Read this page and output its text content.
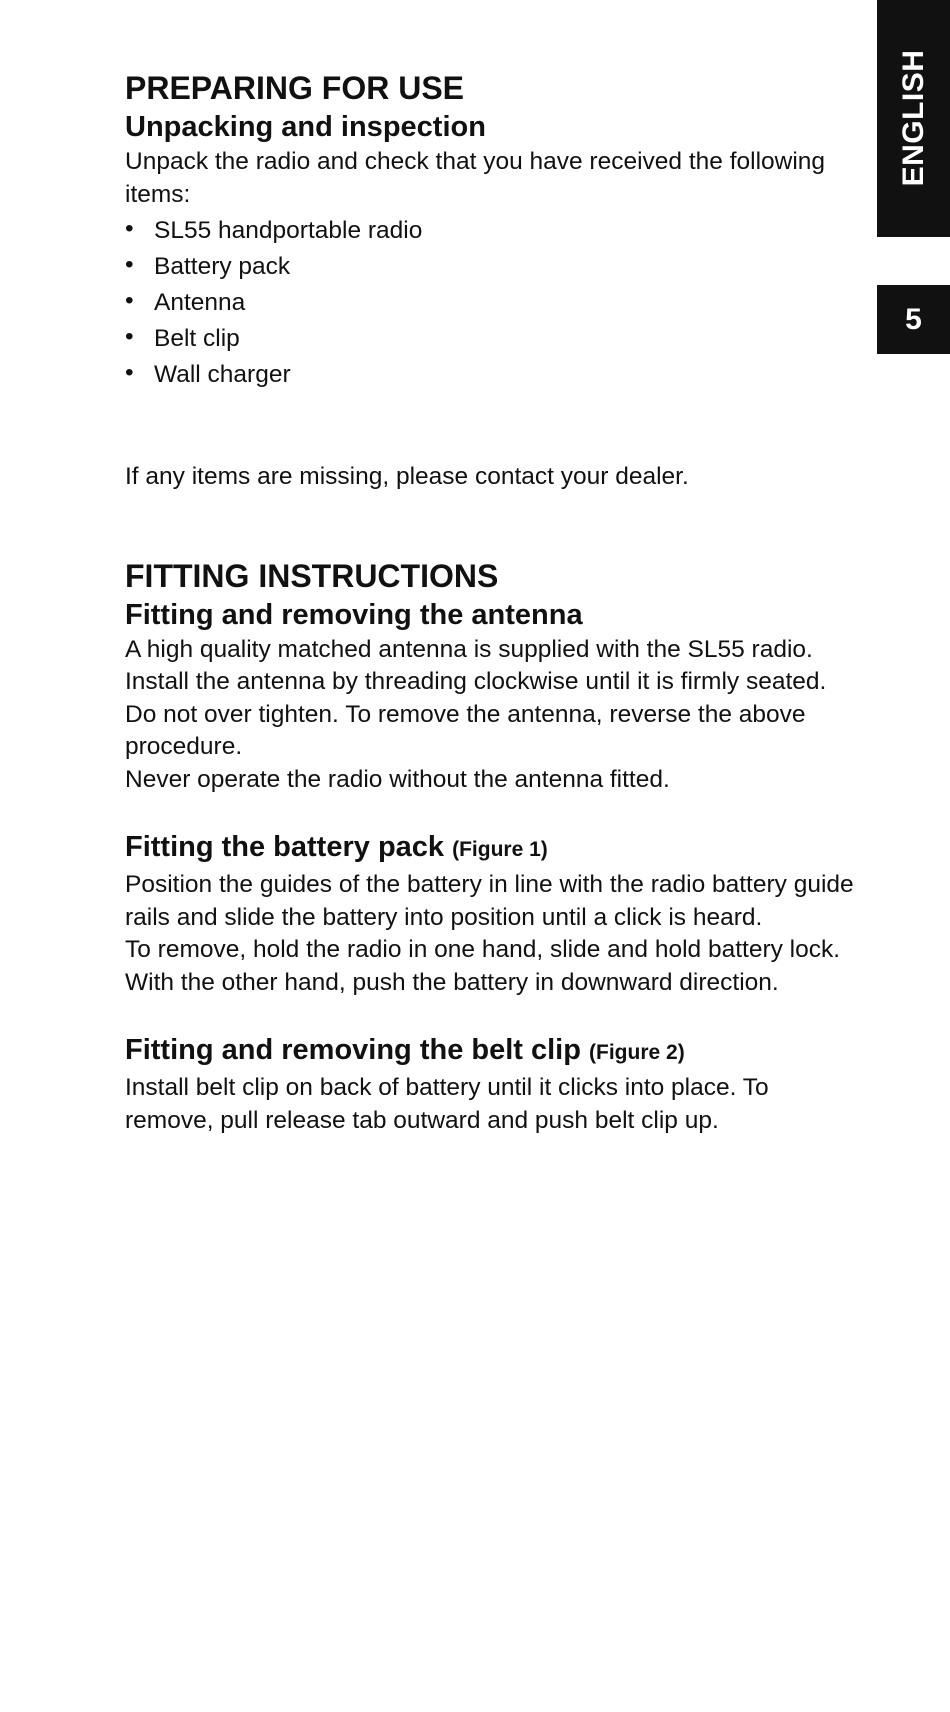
ENGLISH
5
PREPARING FOR USE
Unpacking and inspection

Unpack the radio and check that you have received the following items:

• SL55 handportable radio
• Battery pack
• Antenna
• Belt clip
• Wall charger

If any items are missing, please contact your dealer.

FITTING INSTRUCTIONS
Fitting and removing the antenna

A high quality matched antenna is supplied with the SL55 radio. Install the antenna by threading clockwise until it is firmly seated. Do not over tighten. To remove the antenna, reverse the above procedure.

Never operate the radio without the antenna fitted.

Fitting the battery pack (Figure 1)

Position the guides of the battery in line with the radio battery guide rails and slide the battery into position until a click is heard.

To remove, hold the radio in one hand, slide and hold battery lock. With the other hand, push the battery in downward direction.

Fitting and removing the belt clip (Figure 2)

Install belt clip on back of battery until it clicks into place. To remove, pull release tab outward and push belt clip up.
